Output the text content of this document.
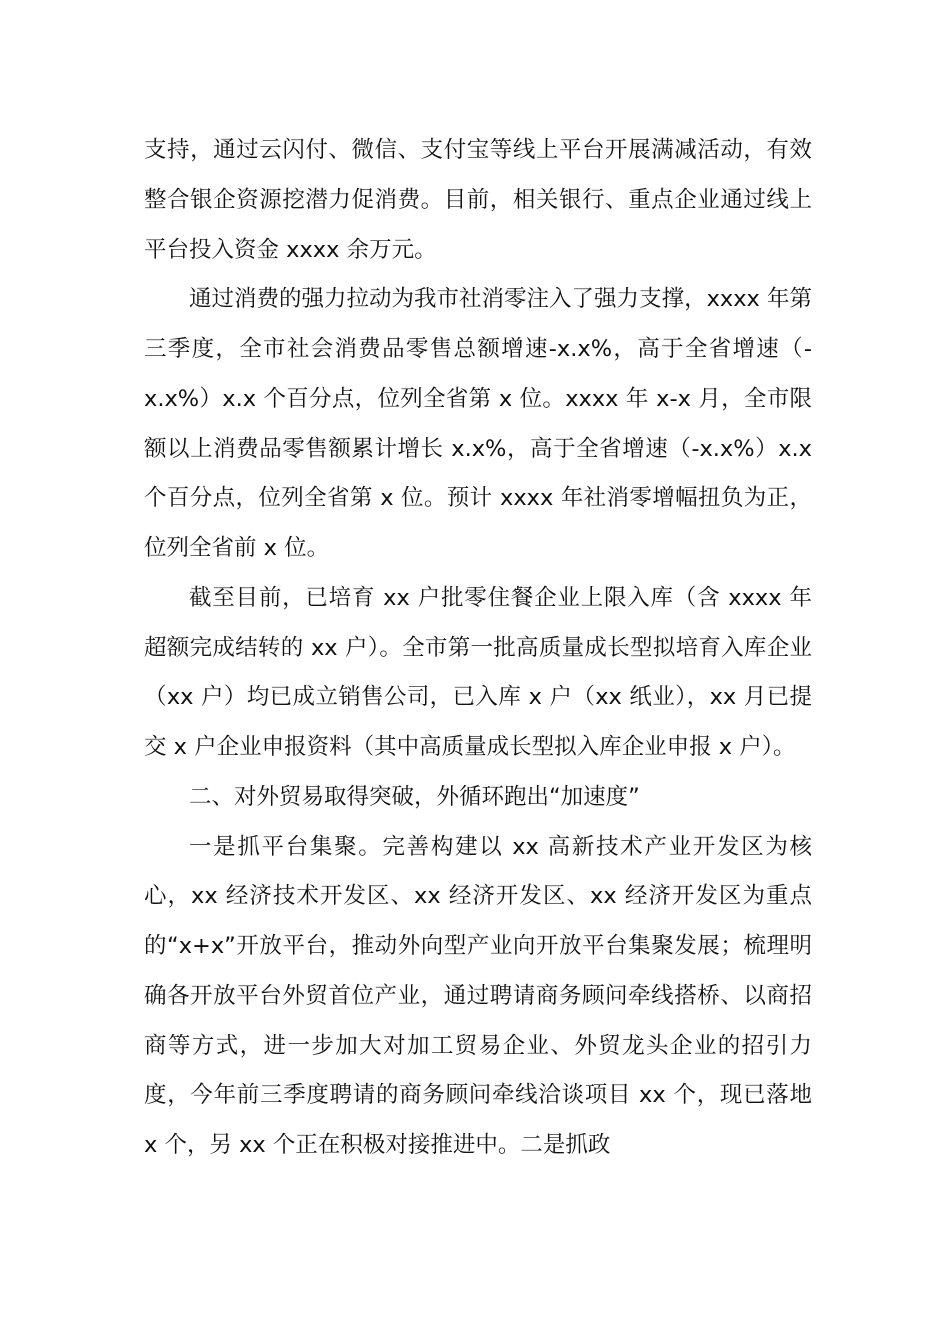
支持，通过云闪付、微信、支付宝等线上平台开展满减活动，有效整合银企资源挖潜力促消费。目前，相关银行、重点企业通过线上平台投入资金 xxxx 余万元。

通过消费的强力拉动为我市社消零注入了强力支撑，xxxx 年第三季度，全市社会消费品零售总额增速-x.x%，高于全省增速（-x.x%）x.x 个百分点，位列全省第 x 位。xxxx 年 x-x 月，全市限额以上消费品零售额累计增长 x.x%，高于全省增速（-x.x%）x.x 个百分点，位列全省第 x 位。预计 xxxx 年社消零增幅扭负为正，位列全省前 x 位。

截至目前，已培育 xx 户批零住餐企业上限入库（含 xxxx 年超额完成结转的 xx 户）。全市第一批高质量成长型拟培育入库企业（xx 户）均已成立销售公司，已入库 x 户（xx 纸业），xx 月已提交 x 户企业申报资料（其中高质量成长型拟入库企业申报 x 户）。

二、对外贸易取得突破，外循环跑出“加速度”

一是抓平台集聚。完善构建以 xx 高新技术产业开发区为核心，xx 经济技术开发区、xx 经济开发区、xx 经济开发区为重点的“x+x”开放平台，推动外向型产业向开放平台集聚发展；梳理明确各开放平台外贸首位产业，通过聘请商务顾问牵线搭桥、以商招商等方式，进一步加大对加工贸易企业、外贸龙头企业的招引力度，今年前三季度聘请的商务顾问牵线洽谈项目 xx 个，现已落地 x 个，另 xx 个正在积极对接推进中。二是抓政
